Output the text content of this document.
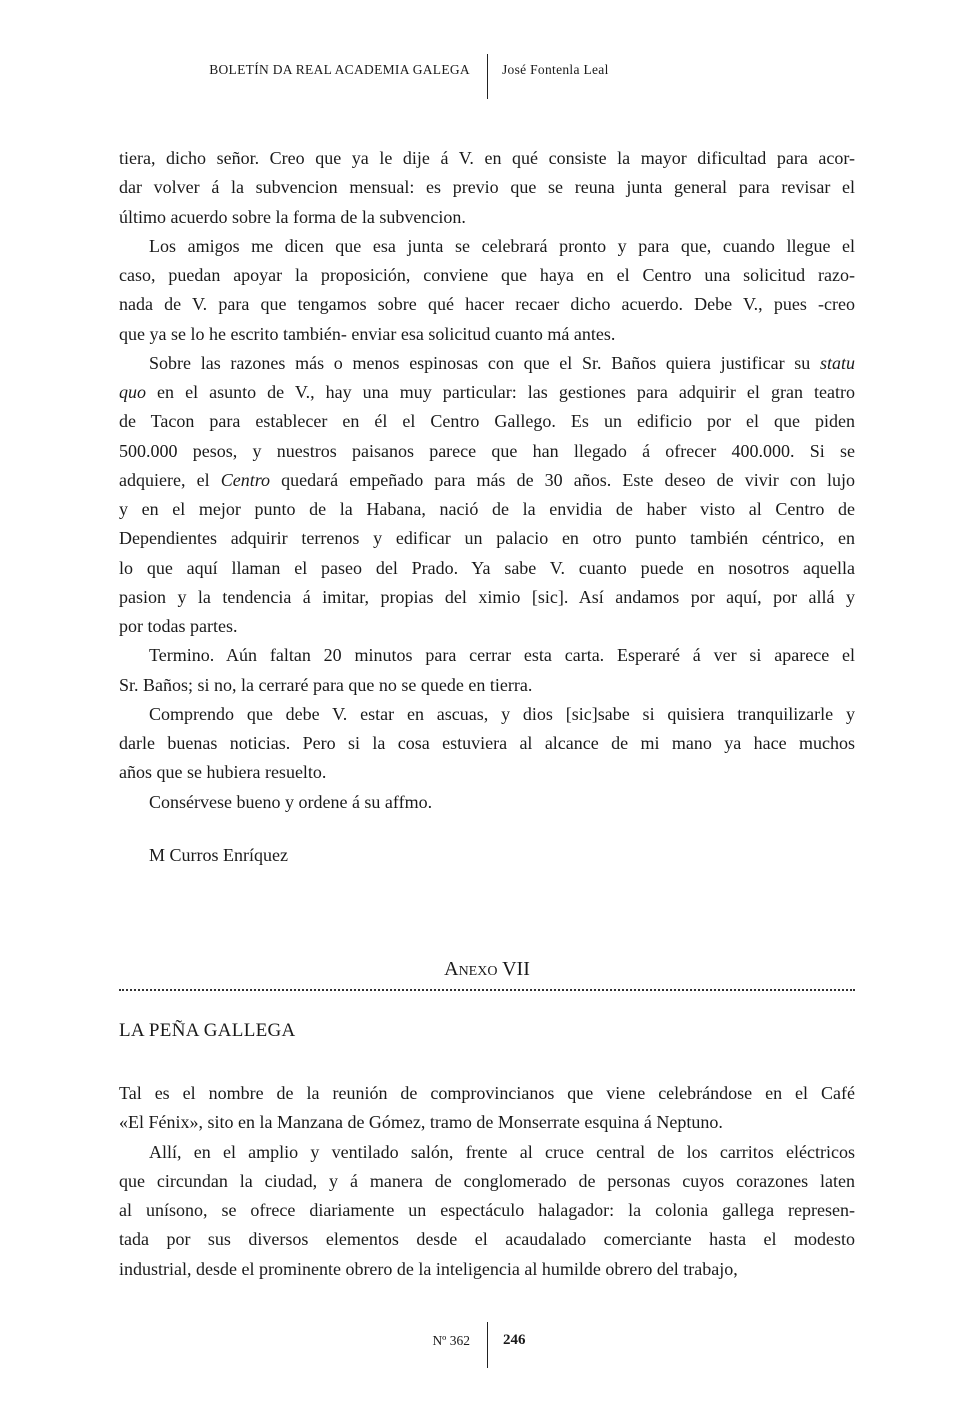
BOLETÍN DA REAL ACADEMIA GALEGA José Fontenla Leal
tiera, dicho señor. Creo que ya le dije á V. en qué consiste la mayor dificultad para acor-
dar volver á la subvencion mensual: es previo que se reuna junta general para revisar el
último acuerdo sobre la forma de la subvencion.
Los amigos me dicen que esa junta se celebrará pronto y para que, cuando llegue el
caso, puedan apoyar la proposición, conviene que haya en el Centro una solicitud razo-
nada de V. para que tengamos sobre qué hacer recaer dicho acuerdo. Debe V., pues -creo
que ya se lo he escrito también- enviar esa solicitud cuanto má antes.
Sobre las razones más o menos espinosas con que el Sr. Baños quiera justificar su statu
quo en el asunto de V., hay una muy particular: las gestiones para adquirir el gran teatro
de Tacon para establecer en él el Centro Gallego. Es un edificio por el que piden
500.000 pesos, y nuestros paisanos parece que han llegado á ofrecer 400.000. Si se
adquiere, el Centro quedará empeñado para más de 30 años. Este deseo de vivir con lujo
y en el mejor punto de la Habana, nació de la envidia de haber visto al Centro de
Dependientes adquirir terrenos y edificar un palacio en otro punto también céntrico, en
lo que aquí llaman el paseo del Prado. Ya sabe V. cuanto puede en nosotros aquella
pasion y la tendencia á imitar, propias del ximio [sic]. Así andamos por aquí, por allá y
por todas partes.
Termino. Aún faltan 20 minutos para cerrar esta carta. Esperaré á ver si aparece el
Sr. Baños; si no, la cerraré para que no se quede en tierra.
Comprendo que debe V. estar en ascuas, y dios [sic]sabe si quisiera tranquilizarle y
darle buenas noticias. Pero si la cosa estuviera al alcance de mi mano ya hace muchos
años que se hubiera resuelto.
Consérvese bueno y ordene á su affmo.
M Curros Enríquez
Anexo VII
LA PEÑA GALLEGA
Tal es el nombre de la reunión de comprovincianos que viene celebrándose en el Café
«El Fénix», sito en la Manzana de Gómez, tramo de Monserrate esquina á Neptuno.
Allí, en el amplio y ventilado salón, frente al cruce central de los carritos eléctricos
que circundan la ciudad, y á manera de conglomerado de personas cuyos corazones laten
al unísono, se ofrece diariamente un espectáculo halagador: la colonia gallega represen-
tada por sus diversos elementos desde el acaudalado comerciante hasta el modesto
industrial, desde el prominente obrero de la inteligencia al humilde obrero del trabajo,
Nº 362 246
